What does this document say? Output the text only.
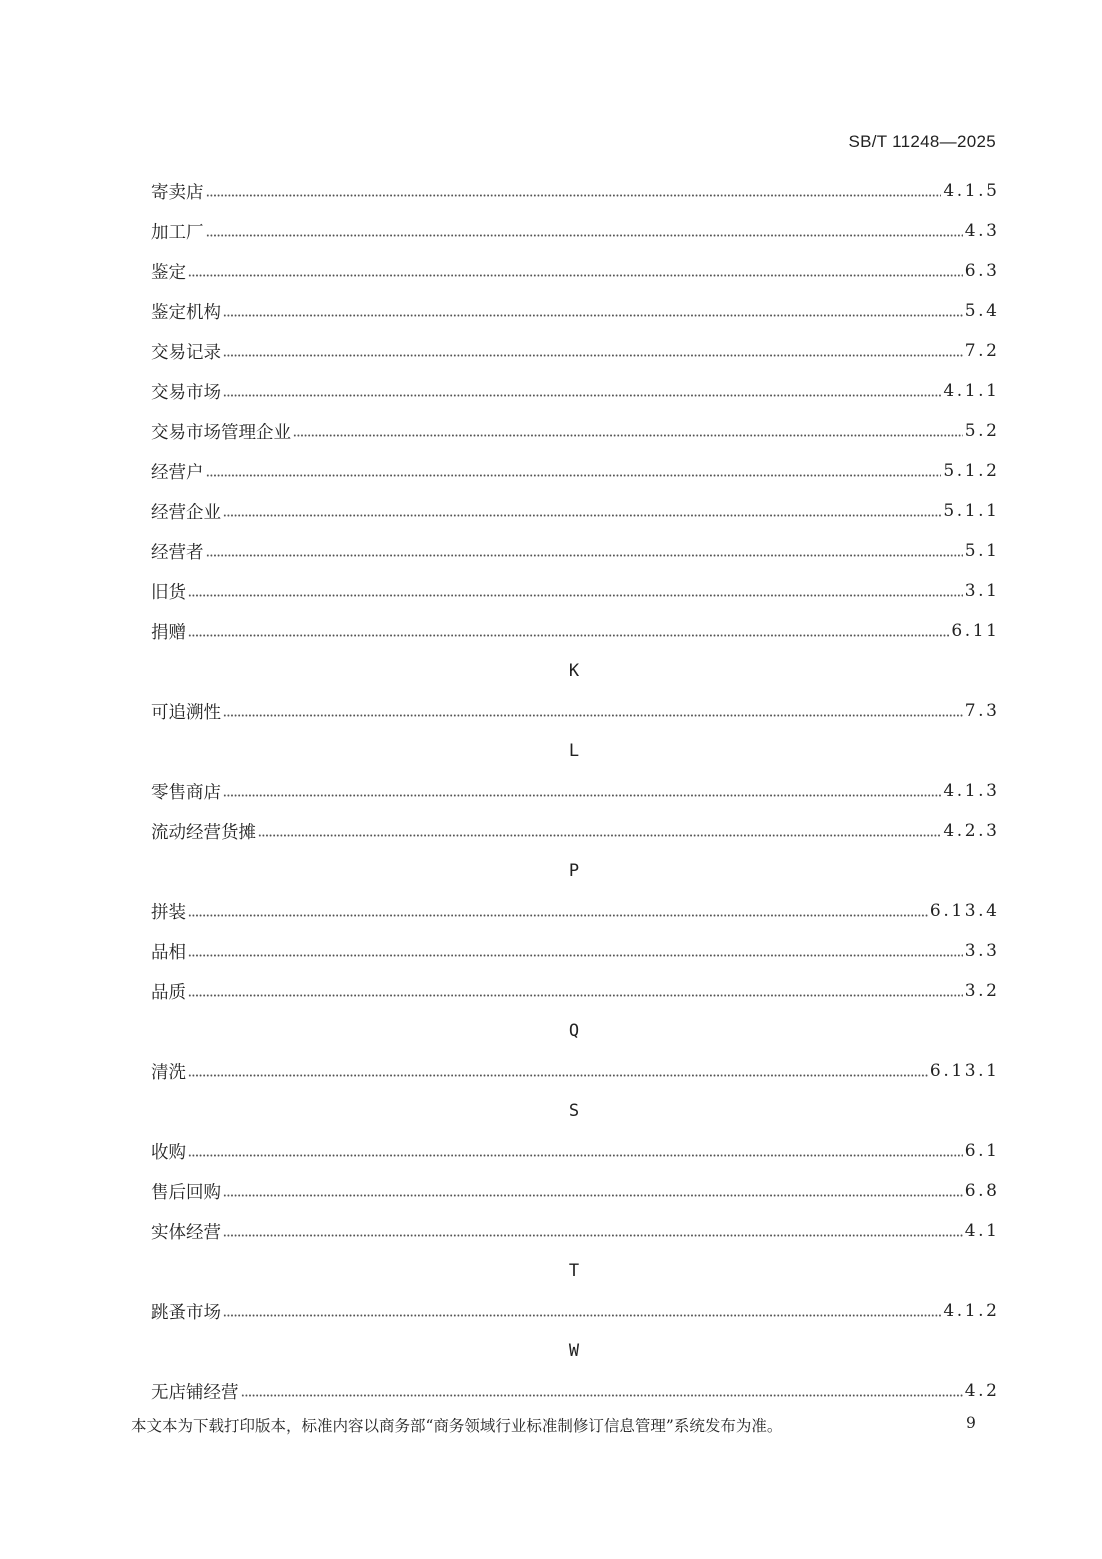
SB/T 11248—2025
寄卖店	4.1.5
加工厂	4.3
鉴定	6.3
鉴定机构	5.4
交易记录	7.2
交易市场	4.1.1
交易市场管理企业	5.2
经营户	5.1.2
经营企业	5.1.1
经营者	5.1
旧货	3.1
捐赠	6.11
K
可追溯性	7.3
L
零售商店	4.1.3
流动经营货摊	4.2.3
P
拼装	6.13.4
品相	3.3
品质	3.2
Q
清洗	6.13.1
S
收购	6.1
售后回购	6.8
实体经营	4.1
T
跳蚤市场	4.1.2
W
无店铺经营	4.2
本文本为下载打印版本，标准内容以商务部“商务领域行业标准制修订信息管理”系统发布为准。	9
